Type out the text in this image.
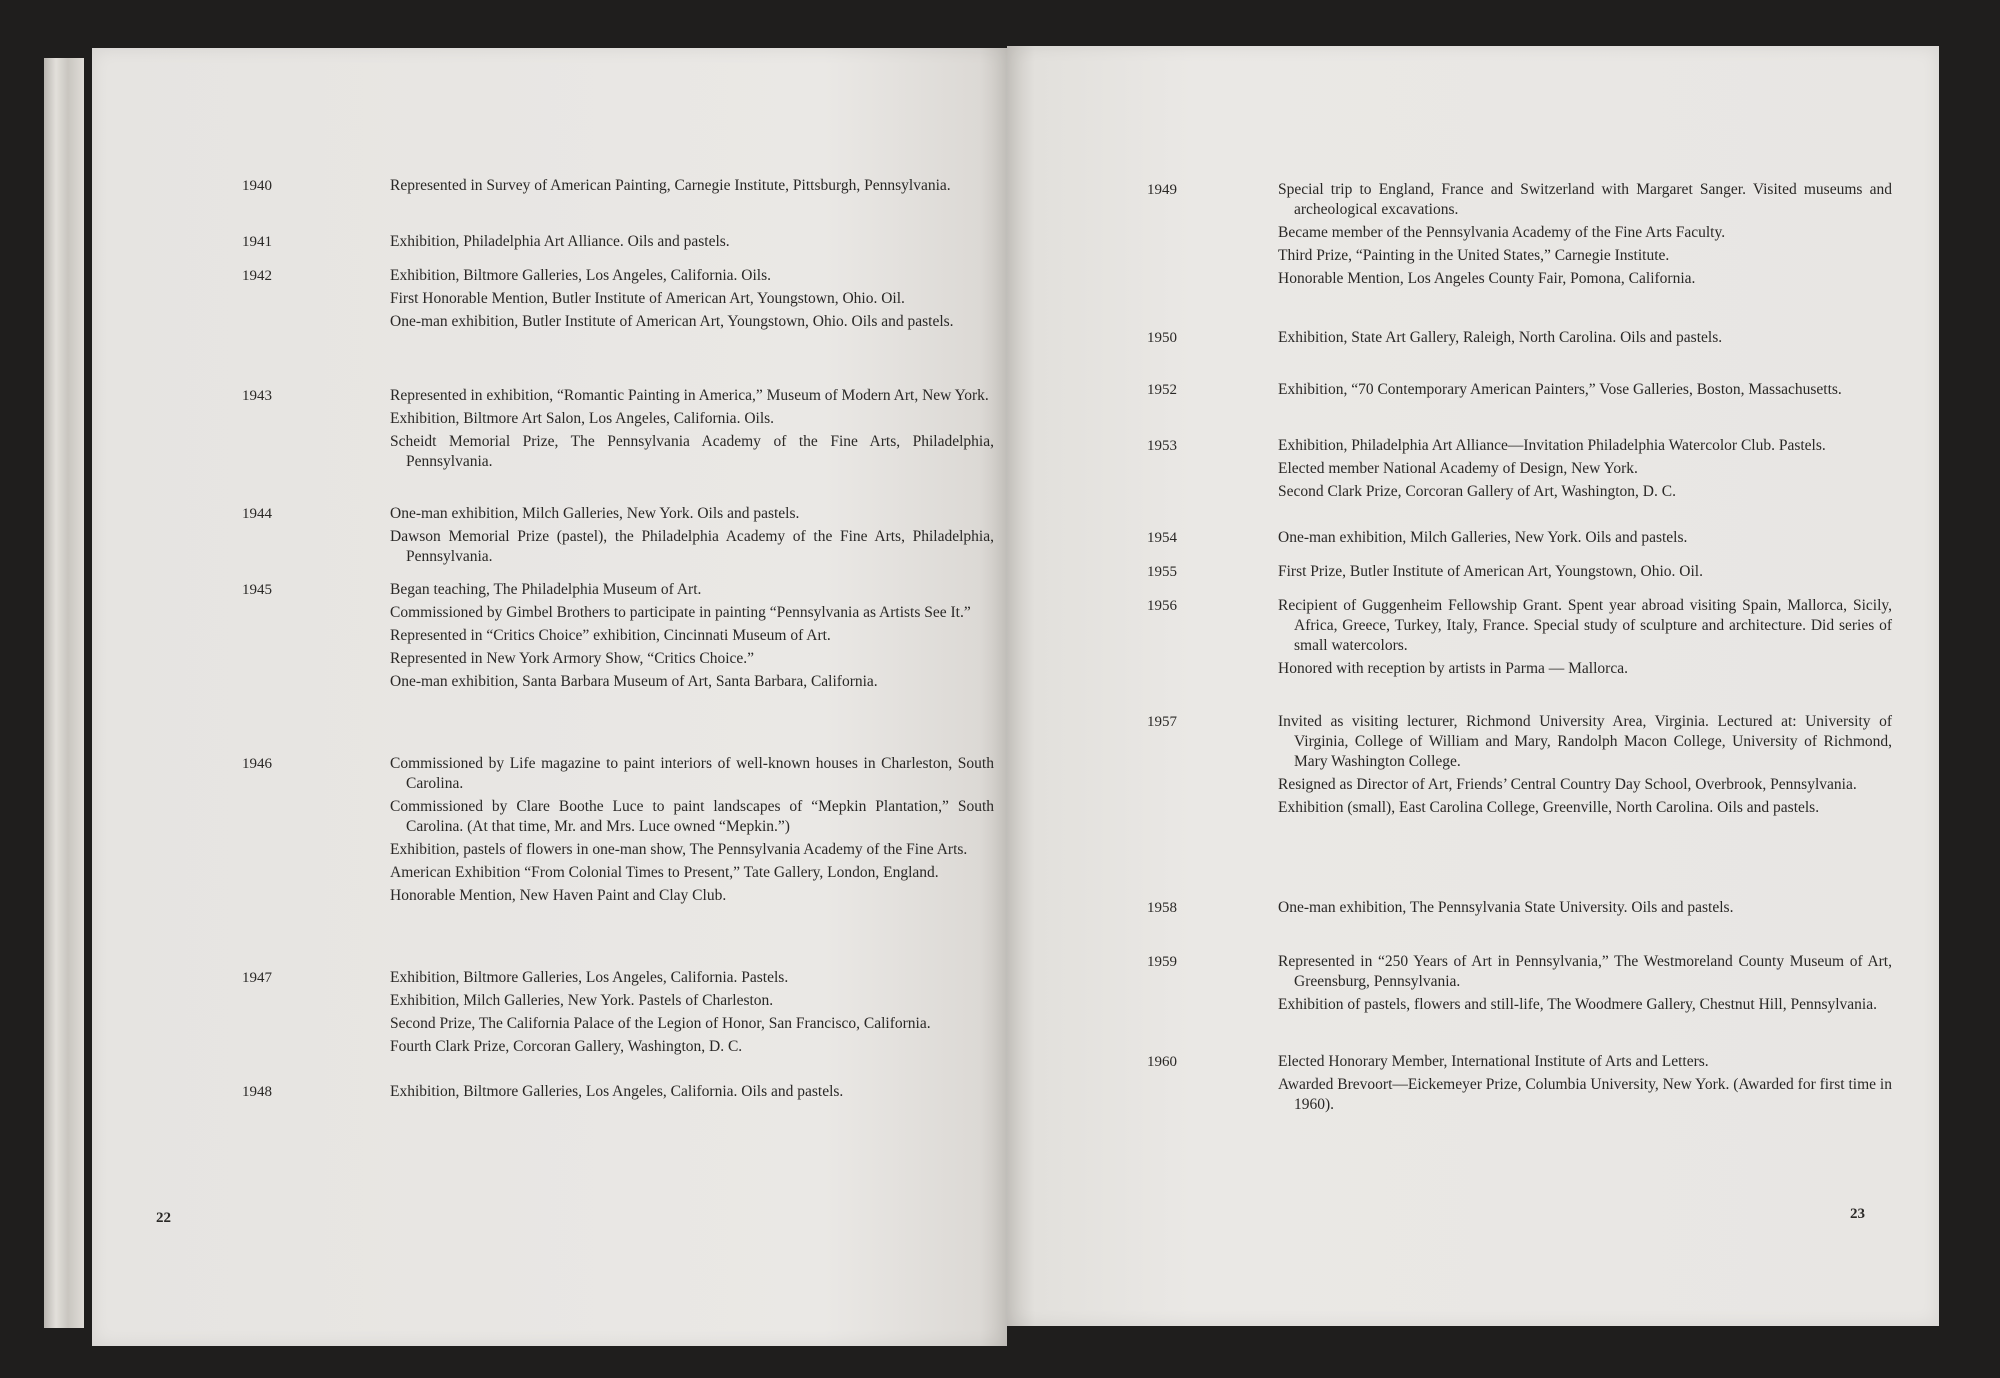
1940	Represented in Survey of American Painting, Carnegie Institute, Pittsburgh, Pennsylvania.
1941	Exhibition, Philadelphia Art Alliance. Oils and pastels.
1942	Exhibition, Biltmore Galleries, Los Angeles, California. Oils.
First Honorable Mention, Butler Institute of American Art, Youngstown, Ohio. Oil.
One-man exhibition, Butler Institute of American Art, Youngstown, Ohio. Oils and pastels.
1943	Represented in exhibition, “Romantic Painting in America,” Museum of Modern Art, New York.
Exhibition, Biltmore Art Salon, Los Angeles, California. Oils.
Scheidt Memorial Prize, The Pennsylvania Academy of the Fine Arts, Philadelphia, Pennsylvania.
1944	One-man exhibition, Milch Galleries, New York. Oils and pastels.
Dawson Memorial Prize (pastel), the Philadelphia Academy of the Fine Arts, Philadelphia, Pennsylvania.
1945	Began teaching, The Philadelphia Museum of Art.
Commissioned by Gimbel Brothers to participate in painting “Pennsylvania as Artists See It.”
Represented in “Critics Choice” exhibition, Cincinnati Museum of Art.
Represented in New York Armory Show, “Critics Choice.”
One-man exhibition, Santa Barbara Museum of Art, Santa Barbara, California.
1946	Commissioned by Life magazine to paint interiors of well-known houses in Charleston, South Carolina.
Commissioned by Clare Boothe Luce to paint landscapes of “Mepkin Plantation,” South Carolina. (At that time, Mr. and Mrs. Luce owned “Mepkin.”)
Exhibition, pastels of flowers in one-man show, The Pennsylvania Academy of the Fine Arts.
American Exhibition “From Colonial Times to Present,” Tate Gallery, London, England.
Honorable Mention, New Haven Paint and Clay Club.
1947	Exhibition, Biltmore Galleries, Los Angeles, California. Pastels.
Exhibition, Milch Galleries, New York. Pastels of Charleston.
Second Prize, The California Palace of the Legion of Honor, San Francisco, California.
Fourth Clark Prize, Corcoran Gallery, Washington, D. C.
1948	Exhibition, Biltmore Galleries, Los Angeles, California. Oils and pastels.
22
1949	Special trip to England, France and Switzerland with Margaret Sanger. Visited museums and archeological excavations.
Became member of the Pennsylvania Academy of the Fine Arts Faculty.
Third Prize, “Painting in the United States,” Carnegie Institute.
Honorable Mention, Los Angeles County Fair, Pomona, California.
1950	Exhibition, State Art Gallery, Raleigh, North Carolina. Oils and pastels.
1952	Exhibition, “70 Contemporary American Painters,” Vose Galleries, Boston, Massachusetts.
1953	Exhibition, Philadelphia Art Alliance—Invitation Philadelphia Watercolor Club. Pastels.
Elected member National Academy of Design, New York.
Second Clark Prize, Corcoran Gallery of Art, Washington, D. C.
1954	One-man exhibition, Milch Galleries, New York. Oils and pastels.
1955	First Prize, Butler Institute of American Art, Youngstown, Ohio. Oil.
1956	Recipient of Guggenheim Fellowship Grant. Spent year abroad visiting Spain, Mallorca, Sicily, Africa, Greece, Turkey, Italy, France. Special study of sculpture and architecture. Did series of small watercolors.
Honored with reception by artists in Parma — Mallorca.
1957	Invited as visiting lecturer, Richmond University Area, Virginia. Lectured at: University of Virginia, College of William and Mary, Randolph Macon College, University of Richmond, Mary Washington College.
Resigned as Director of Art, Friends’ Central Country Day School, Overbrook, Pennsylvania.
Exhibition (small), East Carolina College, Greenville, North Carolina. Oils and pastels.
1958	One-man exhibition, The Pennsylvania State University. Oils and pastels.
1959	Represented in “250 Years of Art in Pennsylvania,” The Westmoreland County Museum of Art, Greensburg, Pennsylvania.
Exhibition of pastels, flowers and still-life, The Woodmere Gallery, Chestnut Hill, Pennsylvania.
1960	Elected Honorary Member, International Institute of Arts and Letters.
Awarded Brevoort—Eickemeyer Prize, Columbia University, New York. (Awarded for first time in 1960).
23
